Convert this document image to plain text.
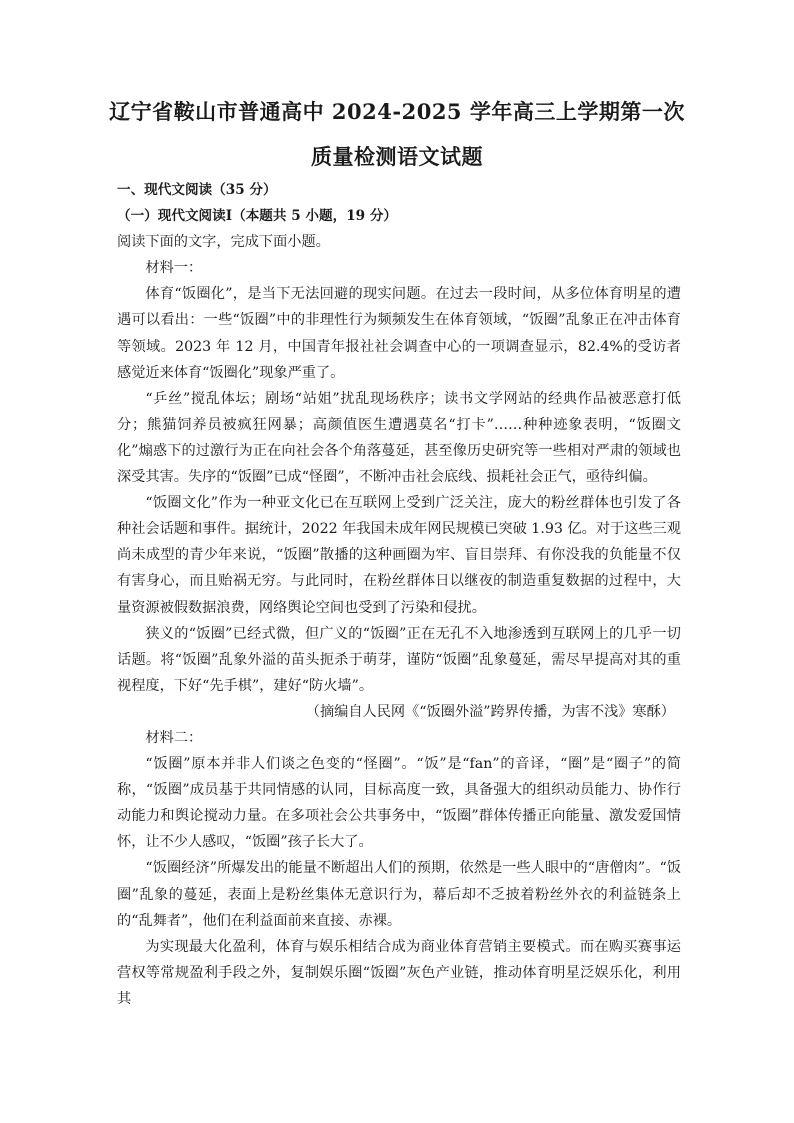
辽宁省鞍山市普通高中 2024-2025 学年高三上学期第一次
质量检测语文试题

一、现代文阅读（35 分）

（一）现代文阅读Ⅰ（本题共 5 小题，19 分）

阅读下面的文字，完成下面小题。

材料一：

体育“饭圈化”，是当下无法回避的现实问题。在过去一段时间，从多位体育明星的遭遇可以看出：一些“饭圈”中的非理性行为频频发生在体育领域，“饭圈”乱象正在冲击体育等领域。2023 年 12 月，中国青年报社社会调查中心的一项调查显示，82.4%的受访者感觉近来体育“饭圈化”现象严重了。

“乒丝”搅乱体坛；剧场“站姐”扰乱现场秩序；读书文学网站的经典作品被恶意打低分；熊猫饲养员被疯狂网暴；高颜值医生遭遇莫名“打卡”……种种迹象表明，“饭圈文化”煽惑下的过激行为正在向社会各个角落蔓延，甚至像历史研究等一些相对严肃的领域也深受其害。失序的“饭圈”已成“怪圈”，不断冲击社会底线、损耗社会正气，亟待纠偏。

“饭圈文化”作为一种亚文化已在互联网上受到广泛关注，庞大的粉丝群体也引发了各种社会话题和事件。据统计，2022 年我国未成年网民规模已突破 1.93 亿。对于这些三观尚未成型的青少年来说，“饭圈”散播的这种画圈为牢、盲目崇拜、有你没我的负能量不仅有害身心，而且贻祸无穷。与此同时，在粉丝群体日以继夜的制造重复数据的过程中，大量资源被假数据浪费，网络舆论空间也受到了污染和侵扰。

狭义的“饭圈”已经式微，但广义的“饭圈”正在无孔不入地渗透到互联网上的几乎一切话题。将“饭圈”乱象外溢的苗头扼杀于萌芽，谨防“饭圈”乱象蔓延，需尽早提高对其的重视程度，下好“先手棋”，建好“防火墙”。

（摘编自人民网《“饭圈外溢”跨界传播，为害不浅》寒酥）

材料二：

“饭圈”原本并非人们谈之色变的“怪圈”。“饭”是“fan”的音译，“圈”是“圈子”的简称，“饭圈”成员基于共同情感的认同，目标高度一致，具备强大的组织动员能力、协作行动能力和舆论搅动力量。在多项社会公共事务中，“饭圈”群体传播正向能量、激发爱国情怀，让不少人感叹，“饭圈”孩子长大了。

“饭圈经济”所爆发出的能量不断超出人们的预期，依然是一些人眼中的“唐僧肉”。“饭圈”乱象的蔓延，表面上是粉丝集体无意识行为，幕后却不乏披着粉丝外衣的利益链条上的“乱舞者”，他们在利益面前来直接、赤裸。

为实现最大化盈利，体育与娱乐相结合成为商业体育营销主要模式。而在购买赛事运营权等常规盈利手段之外，复制娱乐圈“饭圈”灰色产业链，推动体育明星泛娱乐化，利用其
